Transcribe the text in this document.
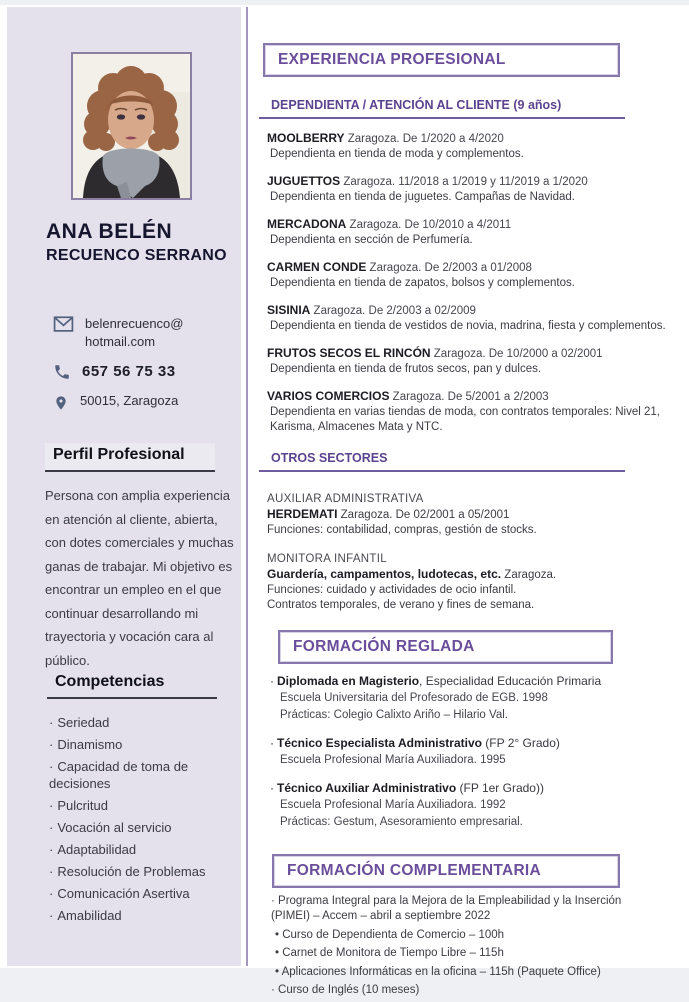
ANA BELÉN
RECUENCO SERRANO
belenrecuenco@
hotmail.com
657 56 75 33
50015, Zaragoza
Perfil Profesional
Persona con amplia experiencia en atención al cliente, abierta, con dotes comerciales y muchas ganas de trabajar. Mi objetivo es encontrar un empleo en el que continuar desarrollando mi trayectoria y vocación cara al público.
Competencias
· Seriedad
· Dinamismo
· Capacidad de toma de decisiones
· Pulcritud
· Vocación al servicio
· Adaptabilidad
· Resolución de Problemas
· Comunicación Asertiva
· Amabilidad
EXPERIENCIA PROFESIONAL
DEPENDIENTA / ATENCIÓN AL CLIENTE (9 años)
MOOLBERRY Zaragoza. De 1/2020 a 4/2020
Dependienta en tienda de moda y complementos.
JUGUETTOS Zaragoza. 11/2018 a 1/2019 y 11/2019 a 1/2020
Dependienta en tienda de juguetes. Campañas de Navidad.
MERCADONA Zaragoza. De 10/2010 a 4/2011
Dependienta en sección de Perfumería.
CARMEN CONDE Zaragoza. De 2/2003 a 01/2008
Dependienta en tienda de zapatos, bolsos y complementos.
SISINIA Zaragoza. De 2/2003 a 02/2009
Dependienta en tienda de vestidos de novia, madrina, fiesta y complementos.
FRUTOS SECOS EL RINCÓN Zaragoza. De 10/2000 a 02/2001
Dependienta en tienda de frutos secos, pan y dulces.
VARIOS COMERCIOS Zaragoza. De 5/2001 a 2/2003
Dependienta en varias tiendas de moda, con contratos temporales: Nivel 21, Karisma, Almacenes Mata y NTC.
OTROS SECTORES
AUXILIAR ADMINISTRATIVA
HERDEMATI Zaragoza. De 02/2001 a 05/2001
Funciones: contabilidad, compras, gestión de stocks.
MONITORA INFANTIL
Guardería, campamentos, ludotecas, etc. Zaragoza.
Funciones: cuidado y actividades de ocio infantil.
Contratos temporales, de verano y fines de semana.
FORMACIÓN REGLADA
· Diplomada en Magisterio, Especialidad Educación Primaria
Escuela Universitaria del Profesorado de EGB. 1998
Prácticas: Colegio Calixto Ariño – Hilario Val.
· Técnico Especialista Administrativo (FP 2° Grado)
Escuela Profesional María Auxiliadora. 1995
· Técnico Auxiliar Administrativo (FP 1er Grado))
Escuela Profesional María Auxiliadora. 1992
Prácticas: Gestum, Asesoramiento empresarial.
FORMACIÓN COMPLEMENTARIA
· Programa Integral para la Mejora de la Empleabilidad y la Inserción     (PIMEI) – Accem – abril a septiembre 2022
• Curso de Dependienta de Comercio – 100h
• Carnet de Monitora de Tiempo Libre – 115h
• Aplicaciones Informáticas en la oficina – 115h (Paquete Office)
· Curso de Inglés (10 meses)
